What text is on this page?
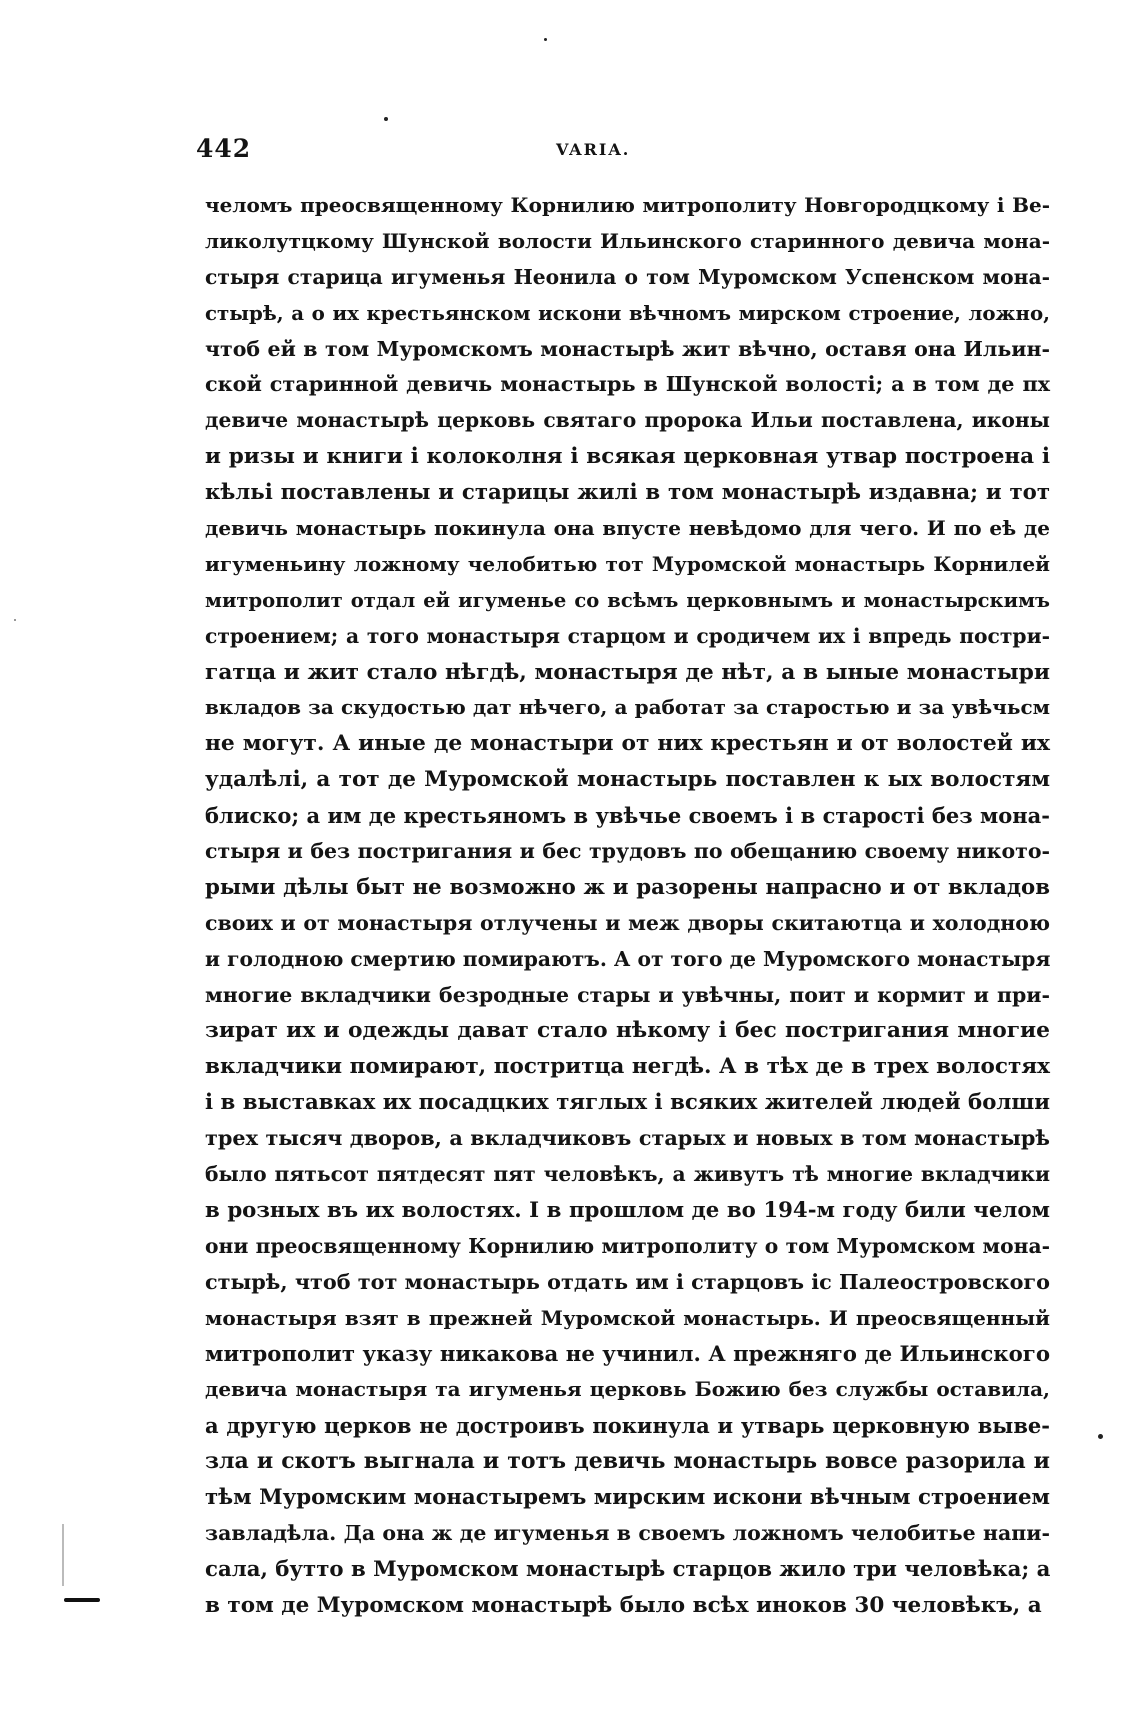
442	VARIA.
челомъ преосвященному Корнилию митрополиту Новгородцкому і Ве-
ликолутцкому Шунской волости Ильинского старинного девича мона-
стыря старица игуменья Неонила о том Муромском Успенском мона-
стырѣ, а о их крестьянском искони вѣчномъ мирском строение, ложно,
чтоб ей в том Муромскомъ монастырѣ жит вѣчно, оставя она Ильин-
ской старинной девичь монастырь в Шунской волості; а в том де пх
девиче монастырѣ церковь святаго пророка Ильи поставлена, иконы
и ризы и книги і колоколня і всякая церковная утвар построена і
кѣльі поставлены и старицы жилі в том монастырѣ издавна; и тот
девичь монастырь покинула она впусте невѣдомо для чего. И по еѣ де
игуменьину ложному челобитью тот Муромской монастырь Корнилей
митрополит отдал ей игуменье со всѣмъ церковнымъ и монастырскимъ
строением; а того монастыря старцом и сродичем их і впредь постри-
гатца и жит стало нѣгдѣ, монастыря де нѣт, а в ыные монастыри
вкладов за скудостью дат нѣчего, а работат за старостью и за увѣчьсм
не могут. А иные де монастыри от них крестьян и от волостей их
удалѣлі, а тот де Муромской монастырь поставлен к ых волостям
блиско; а им де крестьяномъ в увѣчье своемъ і в старості без мона-
стыря и без постригания и бес трудовъ по обещанию своему никото-
рыми дѣлы быт не возможно ж и разорены напрасно и от вкладов
своих и от монастыря отлучены и меж дворы скитаютца и холодною
и голодною смертию помираютъ. А от того де Муромского монастыря
многие вкладчики безродные стары и увѣчны, поит и кормит и при-
зират их и одежды дават стало нѣкому і бес постригания многие
вкладчики помирают, постритца негдѣ. А в тѣх де в трех волостях
і в выставках их посадцких тяглых і всяких жителей людей болши
трех тысяч дворов, а вкладчиковъ старых и новых в том монастырѣ
было пятьсот пятдесят пят человѣкъ, а живутъ тѣ многие вкладчики
в розных въ их волостях. I в прошлом де во 194-м году били челом
они преосвященному Корнилию митрополиту о том Муромском мона-
стырѣ, чтоб тот монастырь отдать им і старцовъ іс Палеостровского
монастыря взят в прежней Муромской монастырь. И преосвященный
митрополит указу никакова не учинил. А прежняго де Ильинского
девича монастыря та игуменья церковь Божию без службы оставила,
а другую церков не достроивъ покинула и утварь церковную выве-
зла и скотъ выгнала и тотъ девичь монастырь вовсе разорила и
тѣм Муромским монастыремъ мирским искони вѣчным строением
завладѣла. Да она ж де игуменья в своемъ ложномъ челобитье напи-
сала, бутто в Муромском монастырѣ старцов жило три человѣка; а
в том де Муромском монастырѣ было всѣх иноков 30 человѣкъ, а
